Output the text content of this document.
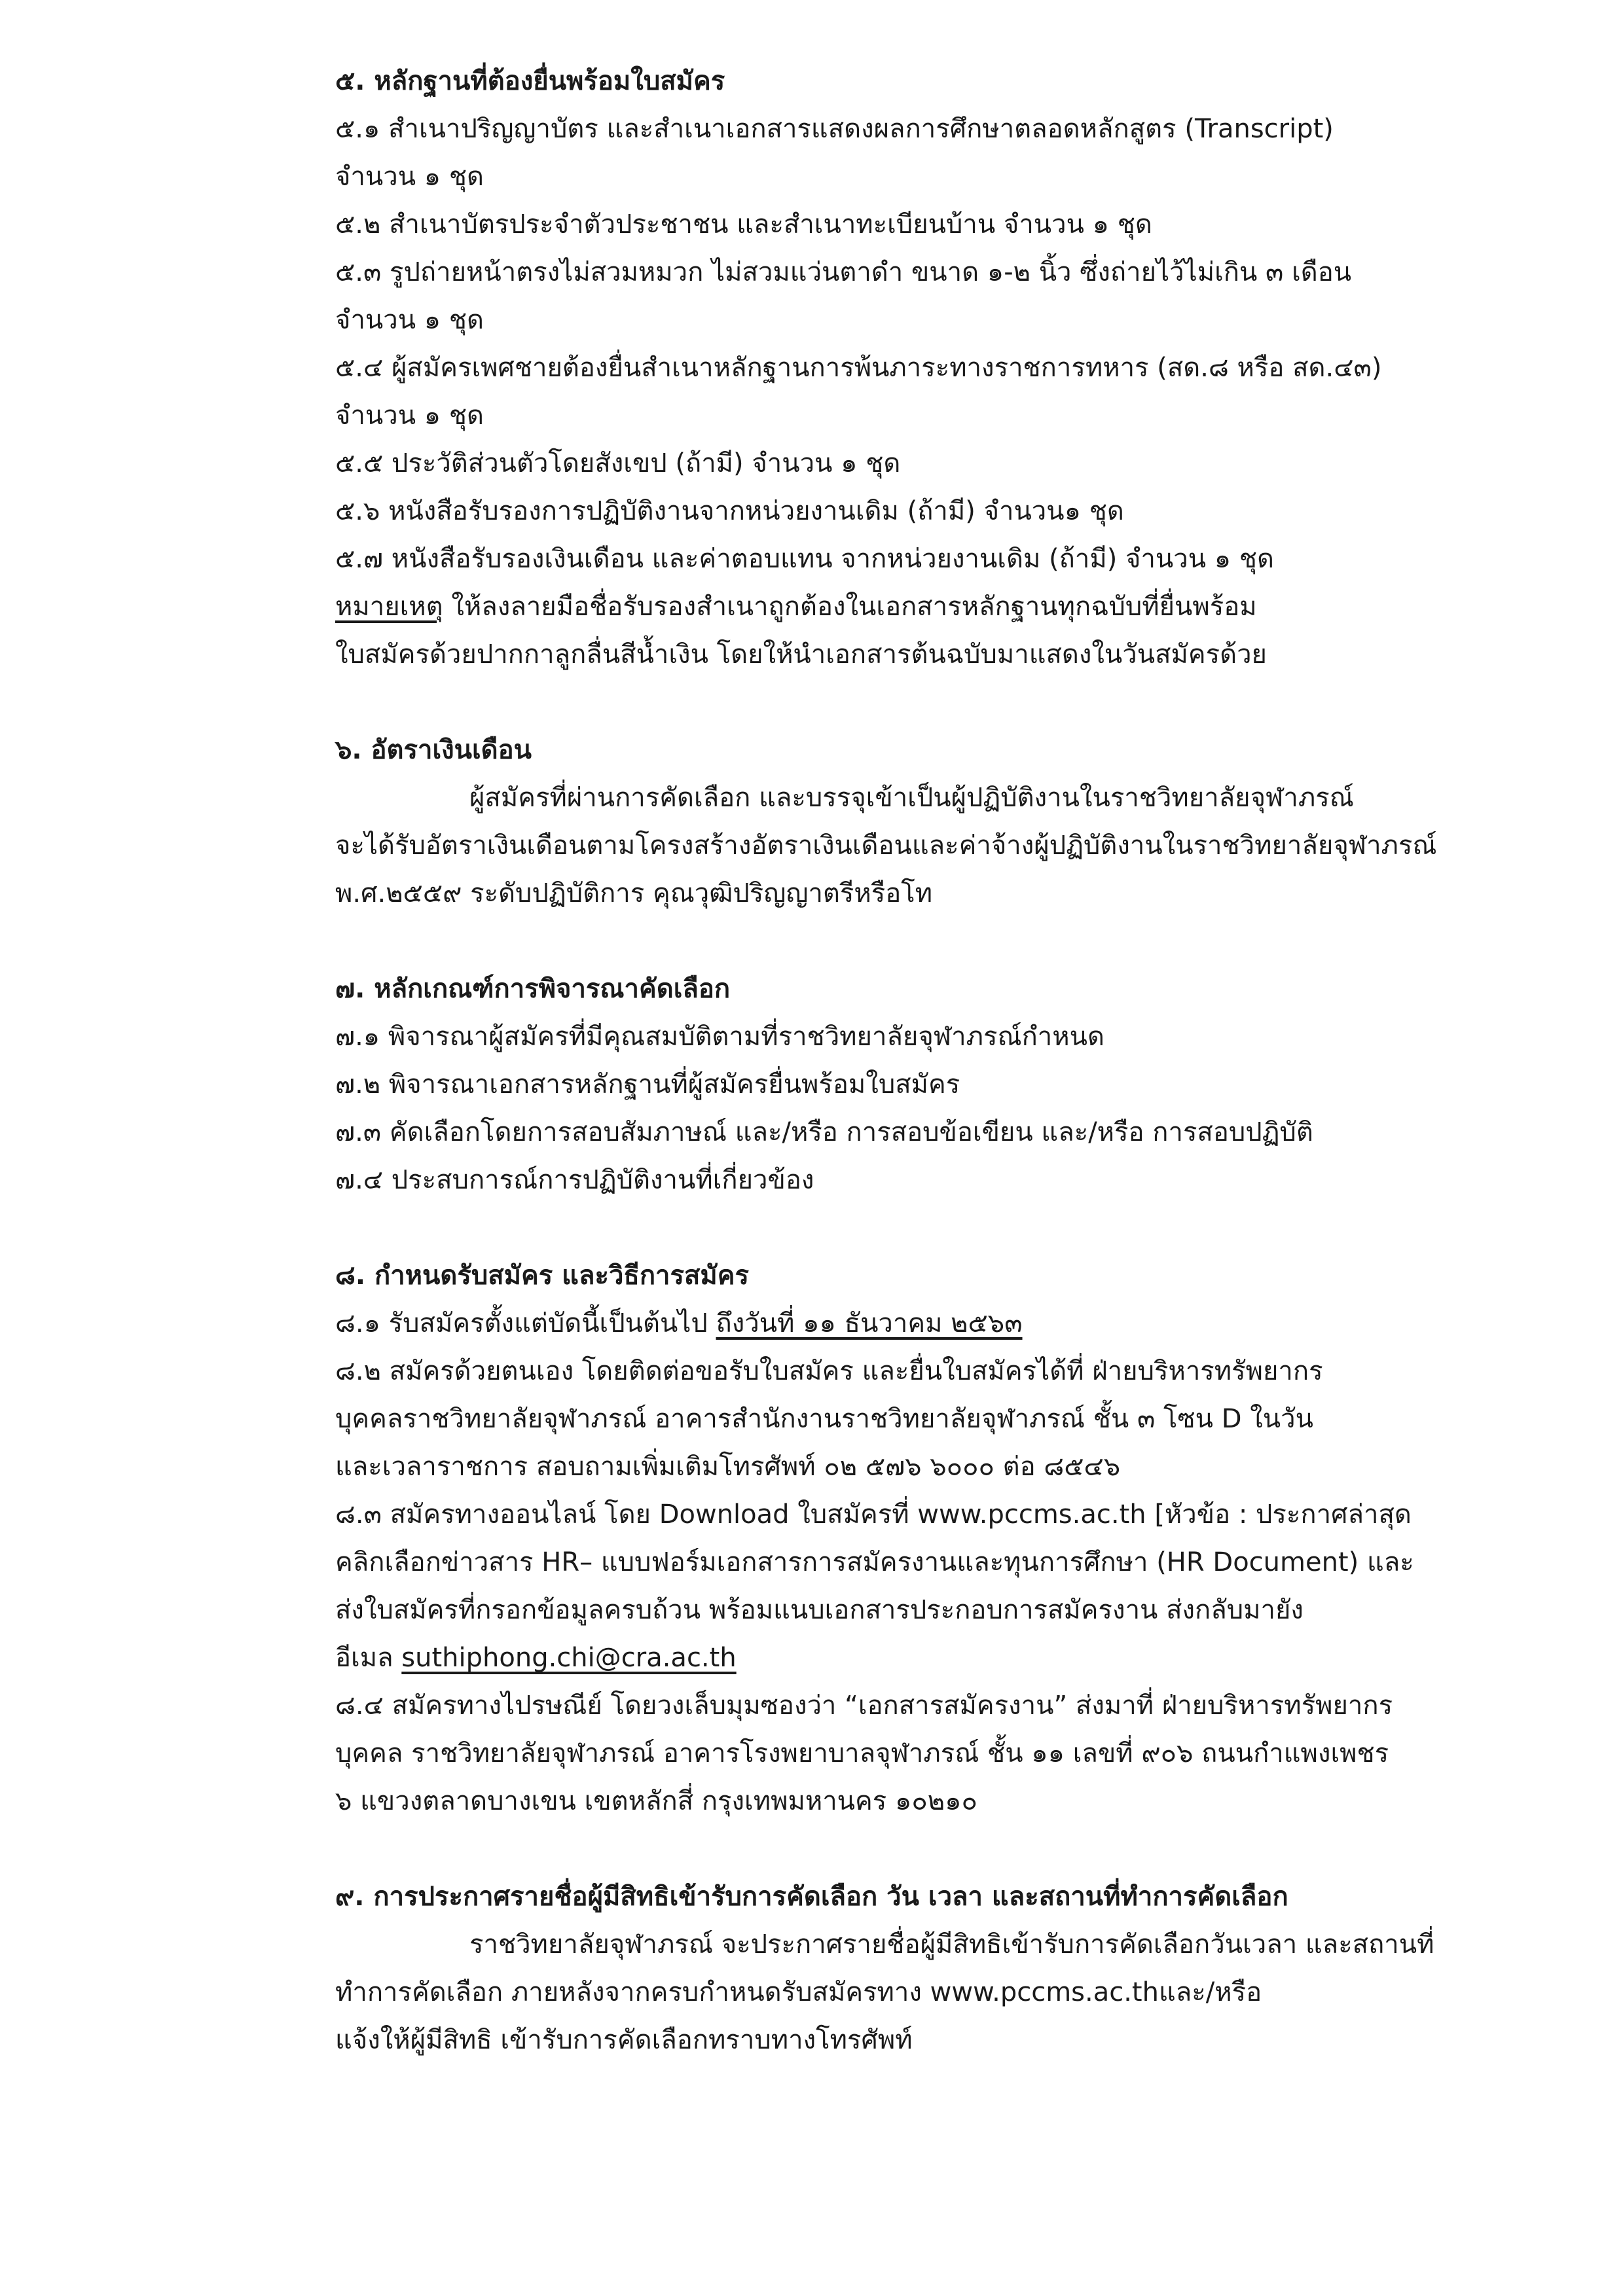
๕. หลักฐานที่ต้องยื่นพร้อมใบสมัคร
๕.๑ สำเนาปริญญาบัตร และสำเนาเอกสารแสดงผลการศึกษาตลอดหลักสูตร (Transcript)
จำนวน ๑ ชุด
๕.๒ สำเนาบัตรประจำตัวประชาชน และสำเนาทะเบียนบ้าน จำนวน ๑ ชุด
๕.๓ รูปถ่ายหน้าตรงไม่สวมหมวก ไม่สวมแว่นตาดำ ขนาด ๑-๒ นิ้ว ซึ่งถ่ายไว้ไม่เกิน ๓ เดือน
จำนวน ๑ ชุด
๕.๔ ผู้สมัครเพศชายต้องยื่นสำเนาหลักฐานการพ้นภาระทางราชการทหาร (สด.๘ หรือ สด.๔๓)
จำนวน ๑ ชุด
๕.๕ ประวัติส่วนตัวโดยสังเขป (ถ้ามี) จำนวน ๑ ชุด
๕.๖ หนังสือรับรองการปฏิบัติงานจากหน่วยงานเดิม (ถ้ามี) จำนวน๑ ชุด
๕.๗ หนังสือรับรองเงินเดือน และค่าตอบแทน จากหน่วยงานเดิม (ถ้ามี) จำนวน ๑ ชุด
หมายเหตุ ให้ลงลายมือชื่อรับรองสำเนาถูกต้องในเอกสารหลักฐานทุกฉบับที่ยื่นพร้อม
ใบสมัครด้วยปากกาลูกลื่นสีน้ำเงิน โดยให้นำเอกสารต้นฉบับมาแสดงในวันสมัครด้วย
๖. อัตราเงินเดือน
ผู้สมัครที่ผ่านการคัดเลือก และบรรจุเข้าเป็นผู้ปฏิบัติงานในราชวิทยาลัยจุฬาภรณ์
จะได้รับอัตราเงินเดือนตามโครงสร้างอัตราเงินเดือนและค่าจ้างผู้ปฏิบัติงานในราชวิทยาลัยจุฬาภรณ์
พ.ศ.๒๕๕๙ ระดับปฏิบัติการ คุณวุฒิปริญญาตรีหรือโท
๗. หลักเกณฑ์การพิจารณาคัดเลือก
๗.๑ พิจารณาผู้สมัครที่มีคุณสมบัติตามที่ราชวิทยาลัยจุฬาภรณ์กำหนด
๗.๒ พิจารณาเอกสารหลักฐานที่ผู้สมัครยื่นพร้อมใบสมัคร
๗.๓ คัดเลือกโดยการสอบสัมภาษณ์ และ/หรือ การสอบข้อเขียน และ/หรือ การสอบปฏิบัติ
๗.๔ ประสบการณ์การปฏิบัติงานที่เกี่ยวข้อง
๘. กำหนดรับสมัคร และวิธีการสมัคร
๘.๑ รับสมัครตั้งแต่บัดนี้เป็นต้นไป ถึงวันที่ ๑๑ ธันวาคม ๒๕๖๓
๘.๒ สมัครด้วยตนเอง โดยติดต่อขอรับใบสมัคร และยื่นใบสมัครได้ที่ ฝ่ายบริหารทรัพยากร
บุคคลราชวิทยาลัยจุฬาภรณ์ อาคารสำนักงานราชวิทยาลัยจุฬาภรณ์ ชั้น ๓ โซน D ในวัน
และเวลาราชการ สอบถามเพิ่มเติมโทรศัพท์ ๐๒ ๕๗๖ ๖๐๐๐ ต่อ ๘๕๔๖
๘.๓ สมัครทางออนไลน์ โดย Download ใบสมัครที่ www.pccms.ac.th [หัวข้อ : ประกาศล่าสุด
คลิกเลือกข่าวสาร HR– แบบฟอร์มเอกสารการสมัครงานและทุนการศึกษา (HR Document) และ
ส่งใบสมัครที่กรอกข้อมูลครบถ้วน พร้อมแนบเอกสารประกอบการสมัครงาน ส่งกลับมายัง
อีเมล suthiphong.chi@cra.ac.th
๘.๔ สมัครทางไปรษณีย์ โดยวงเล็บมุมซองว่า “เอกสารสมัครงาน” ส่งมาที่ ฝ่ายบริหารทรัพยากร
บุคคล ราชวิทยาลัยจุฬาภรณ์ อาคารโรงพยาบาลจุฬาภรณ์ ชั้น ๑๑ เลขที่ ๙๐๖ ถนนกำแพงเพชร
๖ แขวงตลาดบางเขน เขตหลักสี่ กรุงเทพมหานคร ๑๐๒๑๐
๙. การประกาศรายชื่อผู้มีสิทธิเข้ารับการคัดเลือก วัน เวลา และสถานที่ทำการคัดเลือก
ราชวิทยาลัยจุฬาภรณ์ จะประกาศรายชื่อผู้มีสิทธิเข้ารับการคัดเลือกวันเวลา และสถานที่
ทำการคัดเลือก ภายหลังจากครบกำหนดรับสมัครทาง www.pccms.ac.thและ/หรือ
แจ้งให้ผู้มีสิทธิ เข้ารับการคัดเลือกทราบทางโทรศัพท์
